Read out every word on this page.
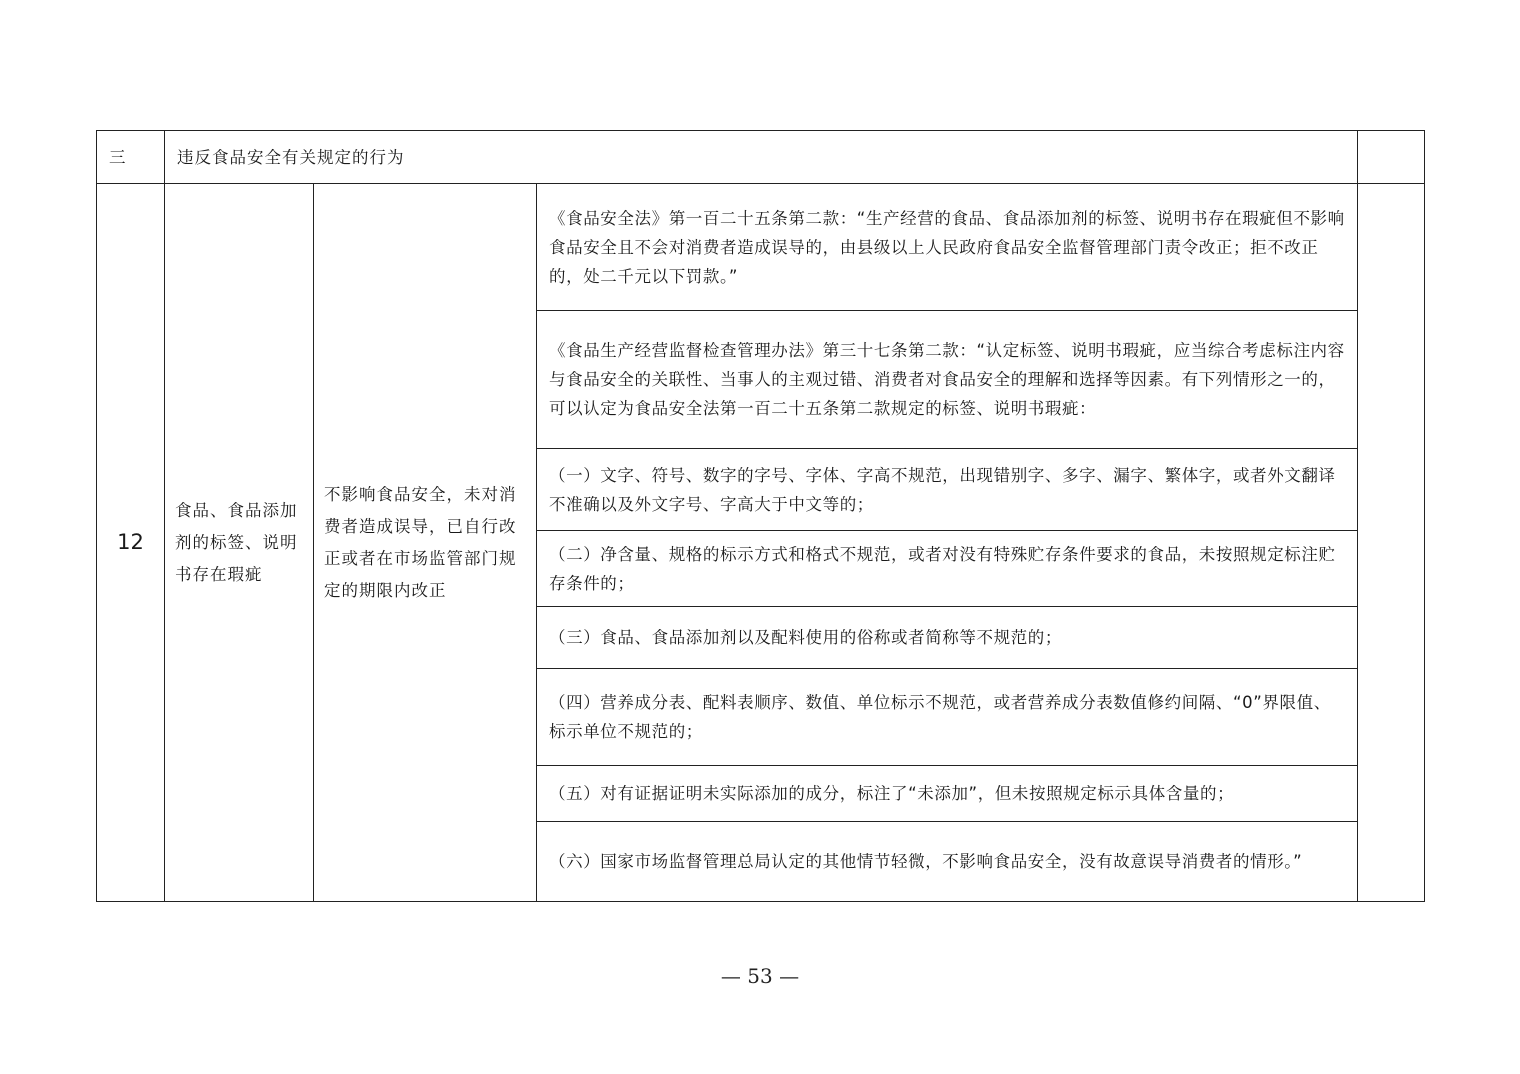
三	违反食品安全有关规定的行为			
12	食品、食品添加剂的标签、说明书存在瑕疵	不影响食品安全，未对消费者造成误导，已自行改正或者在市场监管部门规定的期限内改正	《食品安全法》第一百二十五条第二款：“生产经营的食品、食品添加剂的标签、说明书存在瑕疵但不影响食品安全且不会对消费者造成误导的，由县级以上人民政府食品安全监督管理部门责令改正；拒不改正的，处二千元以下罚款。”	
			《食品生产经营监督检查管理办法》第三十七条第二款：“认定标签、说明书瑕疵，应当综合考虑标注内容与食品安全的关联性、当事人的主观过错、消费者对食品安全的理解和选择等因素。有下列情形之一的，可以认定为食品安全法第一百二十五条第二款规定的标签、说明书瑕疵：	
			（一）文字、符号、数字的字号、字体、字高不规范，出现错别字、多字、漏字、繁体字，或者外文翻译不准确以及外文字号、字高大于中文等的；	
			（二）净含量、规格的标示方式和格式不规范，或者对没有特殊贮存条件要求的食品，未按照规定标注贮存条件的；	
			（三）食品、食品添加剂以及配料使用的俗称或者简称等不规范的；	
			（四）营养成分表、配料表顺序、数值、单位标示不规范，或者营养成分表数值修约间隔、“0”界限值、标示单位不规范的；	
			（五）对有证据证明未实际添加的成分，标注了“未添加”，但未按照规定标示具体含量的；	
			（六）国家市场监督管理总局认定的其他情节轻微，不影响食品安全，没有故意误导消费者的情形。”	
— 53 —
